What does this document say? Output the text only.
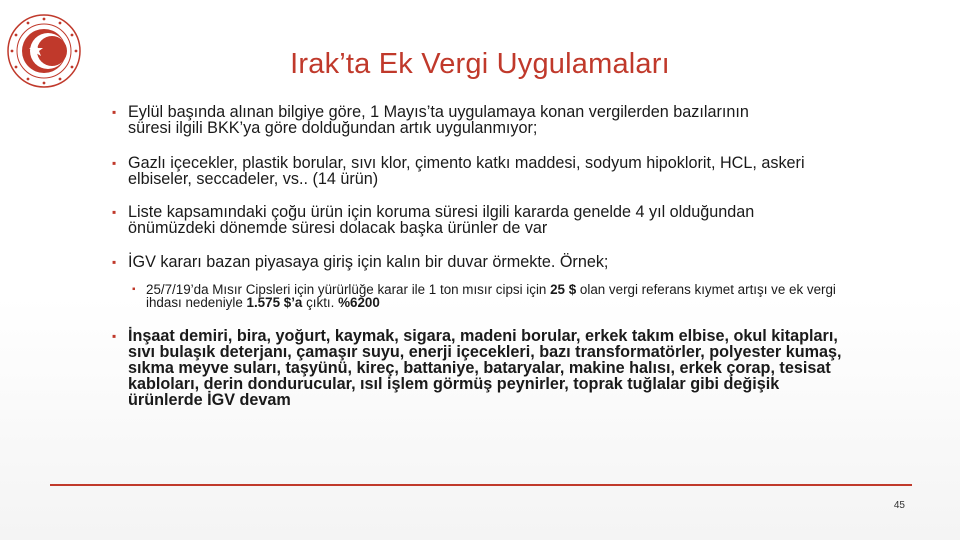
Irak’ta Ek Vergi Uygulamaları
▪ Eylül başında alınan bilgiye göre, 1 Mayıs’ta uygulamaya konan vergilerden bazılarının süresi ilgili BKK’ya göre dolduğundan artık uygulanmıyor;
▪ Gazlı içecekler, plastik borular, sıvı klor, çimento katkı maddesi, sodyum hipoklorit, HCL, askeri elbiseler, seccadeler, vs.. (14 ürün)
▪ Liste kapsamındaki çoğu ürün için koruma süresi ilgili kararda genelde 4 yıl olduğundan önümüzdeki dönemde süresi dolacak başka ürünler de var
▪ İGV kararı bazan piyasaya giriş için kalın bir duvar örmekte. Örnek;
▪ 25/7/19’da Mısır Cipsleri için yürürlüğe karar ile 1 ton mısır cipsi için 25 $ olan vergi referans kıymet artışı ve ek vergi ihdası nedeniyle 1.575 $’a çıktı. %6200
▪ İnşaat demiri, bira, yoğurt, kaymak, sigara, madeni borular, erkek takım elbise, okul kitapları, sıvı bulaşık deterjanı, çamaşır suyu, enerji içecekleri, bazı transformatörler, polyester kumaş, sıkma meyve suları, taşyünü, kireç, battaniye, bataryalar, makine halısı, erkek çorap, tesisat kabloları, derin dondurucular, ısıl işlem görmüş peynirler, toprak tuğlalar gibi değişik ürünlerde İGV devam
45
